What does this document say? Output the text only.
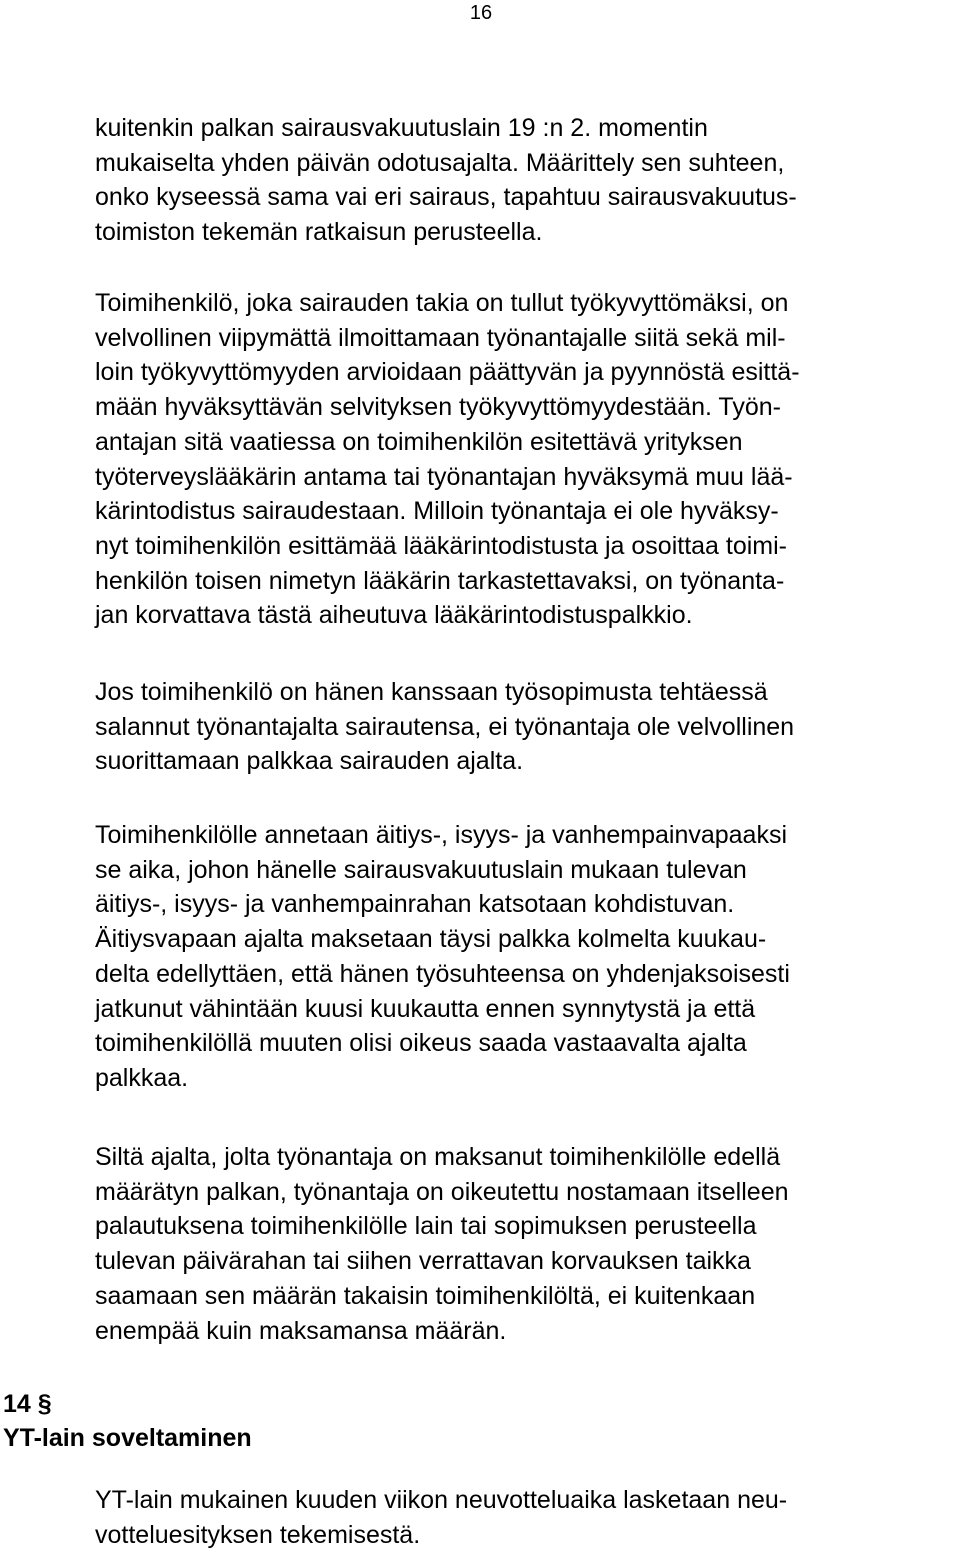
16
kuitenkin palkan sairausvakuutuslain 19 :n 2. momentin
mukaiselta yhden päivän odotusajalta. Määrittely sen suhteen,
onko kyseessä sama vai eri sairaus, tapahtuu sairausvakuutus-
toimiston tekemän ratkaisun perusteella.
Toimihenkilö, joka sairauden takia on tullut työkyvyttömäksi, on
velvollinen viipymättä ilmoittamaan työnantajalle siitä sekä mil-
loin työkyvyttömyyden arvioidaan päättyvän ja pyynnöstä esittä-
mään hyväksyttävän selvityksen työkyvyttömyydestään. Työn-
antajan sitä vaatiessa on toimihenkilön esitettävä yrityksen
työterveyslääkärin antama tai työnantajan hyväksymä muu lää-
kärintodistus sairaudestaan. Milloin työnantaja ei ole hyväksy-
nyt toimihenkilön esittämää lääkärintodistusta ja osoittaa toimi-
henkilön toisen nimetyn lääkärin tarkastettavaksi, on työnanta-
jan korvattava tästä aiheutuva lääkärintodistuspalkkio.
Jos toimihenkilö on hänen kanssaan työsopimusta tehtäessä
salannut työnantajalta sairautensa, ei työnantaja ole velvollinen
suorittamaan palkkaa sairauden ajalta.
Toimihenkilölle annetaan äitiys-, isyys- ja vanhempainvapaaksi
se aika, johon hänelle sairausvakuutuslain mukaan tulevan
äitiys-, isyys- ja vanhempainrahan katsotaan kohdistuvan.
Äitiysvapaan ajalta maksetaan täysi palkka kolmelta kuukau-
delta edellyttäen, että hänen työsuhteensa on yhdenjaksoisesti
jatkunut vähintään kuusi kuukautta ennen synnytystä ja että
toimihenkilöllä muuten olisi oikeus saada vastaavalta ajalta
palkkaa.
Siltä ajalta, jolta työnantaja on maksanut toimihenkilölle edellä
määrätyn palkan, työnantaja on oikeutettu nostamaan itselleen
palautuksena toimihenkilölle lain tai sopimuksen perusteella
tulevan päivärahan tai siihen verrattavan korvauksen taikka
saamaan sen määrän takaisin toimihenkilöltä, ei kuitenkaan
enempää kuin maksamansa määrän.
14 §
YT-lain soveltaminen
YT-lain mukainen kuuden viikon neuvotteluaika lasketaan neu-
votteluesityksen tekemisestä.
